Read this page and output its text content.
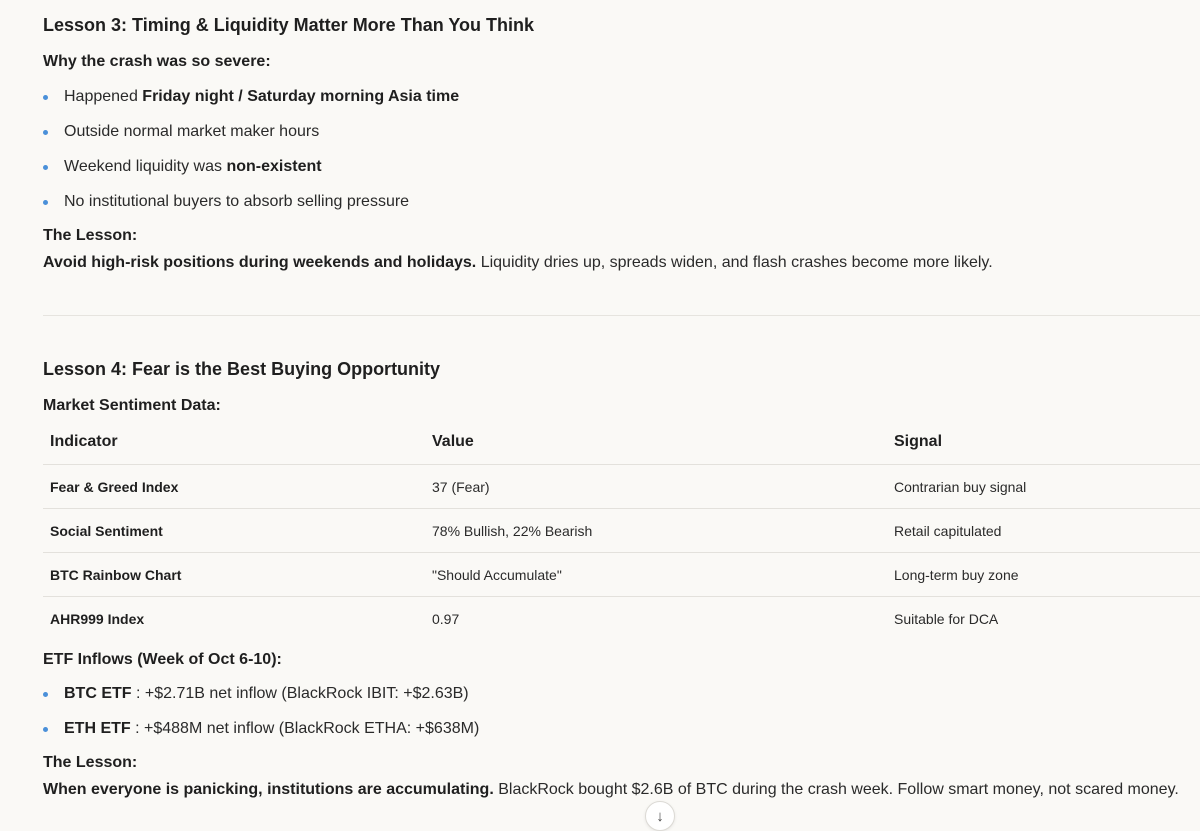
Lesson 3: Timing & Liquidity Matter More Than You Think
Why the crash was so severe:
Happened Friday night / Saturday morning Asia time
Outside normal market maker hours
Weekend liquidity was non-existent
No institutional buyers to absorb selling pressure
The Lesson:
Avoid high-risk positions during weekends and holidays. Liquidity dries up, spreads widen, and flash crashes become more likely.
Lesson 4: Fear is the Best Buying Opportunity
Market Sentiment Data:
Indicator	Value	Signal
Fear & Greed Index	37 (Fear)	Contrarian buy signal
Social Sentiment	78% Bullish, 22% Bearish	Retail capitulated
BTC Rainbow Chart	"Should Accumulate"	Long-term buy zone
AHR999 Index	0.97	Suitable for DCA
ETF Inflows (Week of Oct 6-10):
BTC ETF : +$2.71B net inflow (BlackRock IBIT: +$2.63B)
ETH ETF : +$488M net inflow (BlackRock ETHA: +$638M)
The Lesson:
When everyone is panicking, institutions are accumulating. BlackRock bought $2.6B of BTC during the crash week. Follow smart money, not scared money.
↓
